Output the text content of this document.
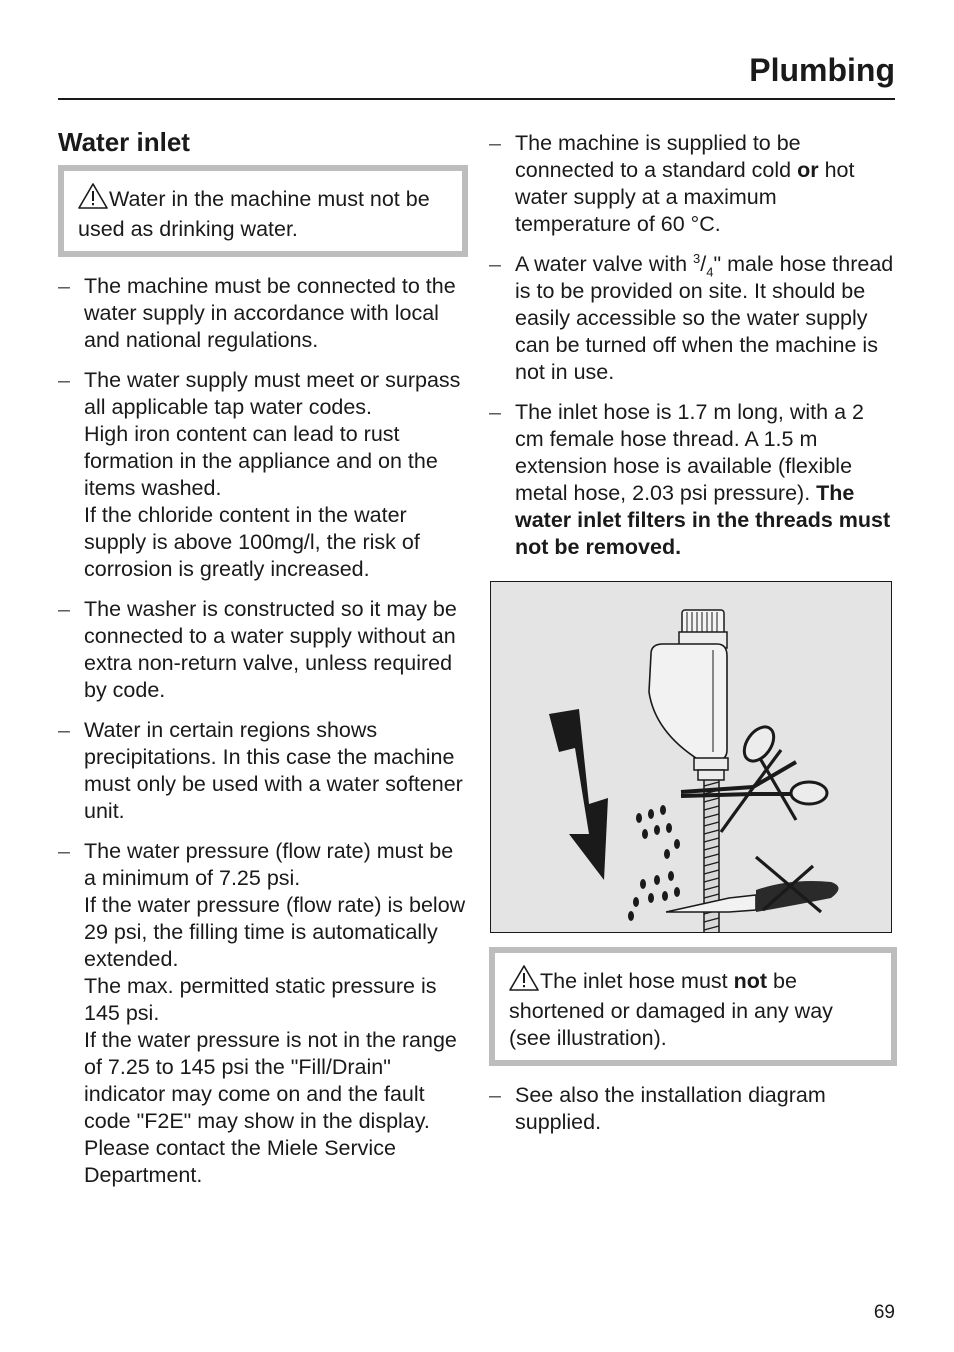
Plumbing
Water inlet
Water in the machine must not be used as drinking water.
– The machine must be connected to the water supply in accordance with local and national regulations.

– The water supply must meet or surpass all applicable tap water codes.

High iron content can lead to rust formation in the appliance and on the items washed.

If the chloride content in the water supply is above 100mg/l, the risk of corrosion is greatly increased.

– The washer is constructed so it may be connected to a water supply without an extra non-return valve, unless required by code.

– Water in certain regions shows precipitations. In this case the machine must only be used with a water softener unit.

– The water pressure (flow rate) must be a minimum of 7.25 psi.

If the water pressure (flow rate) is below 29 psi, the filling time is automatically extended.

The max. permitted static pressure is 145 psi.

If the water pressure is not in the range of 7.25 to 145 psi the "Fill/Drain" indicator may come on and the fault code "F2E" may show in the display. Please contact the Miele Service Department.

– The machine is supplied to be connected to a standard cold or hot water supply at a maximum temperature of 60 °C.

– A water valve with $^3/_4$" male hose thread is to be provided on site. It should be easily accessible so the water supply can be turned off when the machine is not in use.

– The inlet hose is 1.7 m long, with a 2 cm female hose thread. A 1.5 m extension hose is available (flexible metal hose, 2.03 psi pressure). The water inlet filters in the threads must not be removed.

The inlet hose must not be shortened or damaged in any way (see illustration).
– See also the installation diagram supplied.

69
